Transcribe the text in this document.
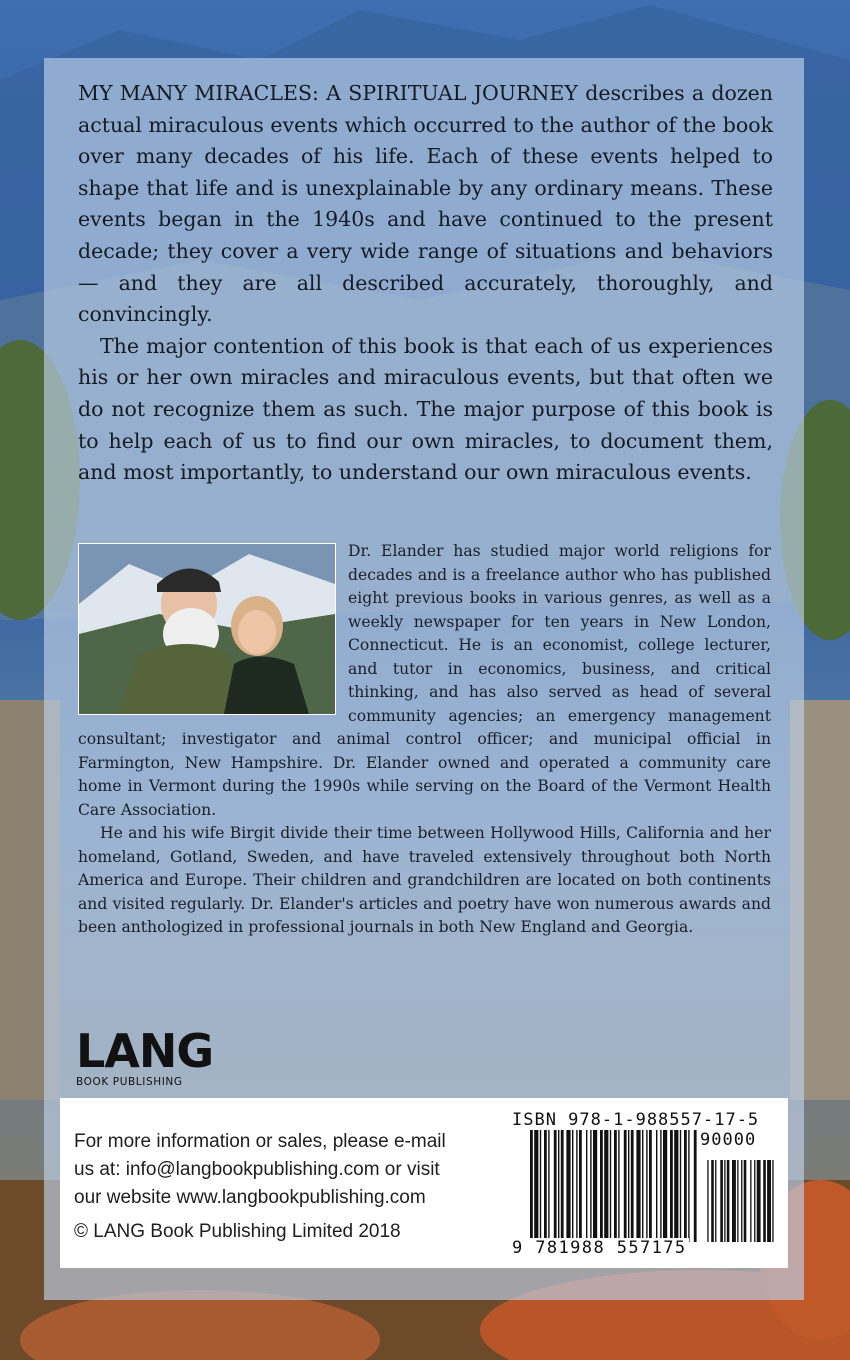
MY MANY MIRACLES: A SPIRITUAL JOURNEY describes a dozen actual miraculous events which occurred to the author of the book over many decades of his life. Each of these events helped to shape that life and is unexplainable by any ordinary means. These events began in the 1940s and have continued to the present decade; they cover a very wide range of situations and behaviors — and they are all described accurately, thoroughly, and convincingly.

The major contention of this book is that each of us experiences his or her own miracles and miraculous events, but that often we do not recognize them as such. The major purpose of this book is to help each of us to find our own miracles, to document them, and most importantly, to understand our own miraculous events.

Dr. Elander has studied major world religions for decades and is a freelance author who has published eight previous books in various genres, as well as a weekly newspaper for ten years in New London, Connecticut. He is an economist, college lecturer, and tutor in economics, business, and critical thinking, and has also served as head of several community agencies; an emergency management consultant; investigator and animal control officer; and municipal official in Farmington, New Hampshire. Dr. Elander owned and operated a community care home in Vermont during the 1990s while serving on the Board of the Vermont Health Care Association.

He and his wife Birgit divide their time between Hollywood Hills, California and her homeland, Gotland, Sweden, and have traveled extensively throughout both North America and Europe. Their children and grandchildren are located on both continents and visited regularly. Dr. Elander's articles and poetry have won numerous awards and been anthologized in professional journals in both New England and Georgia.

LANG
BOOK PUBLISHING

For more information or sales, please e-mail

us at: info@langbookpublishing.com or visit

our website www.langbookpublishing.com

© LANG Book Publishing Limited 2018

ISBN 978-1-988557-17-5
90000
9 781988 557175
